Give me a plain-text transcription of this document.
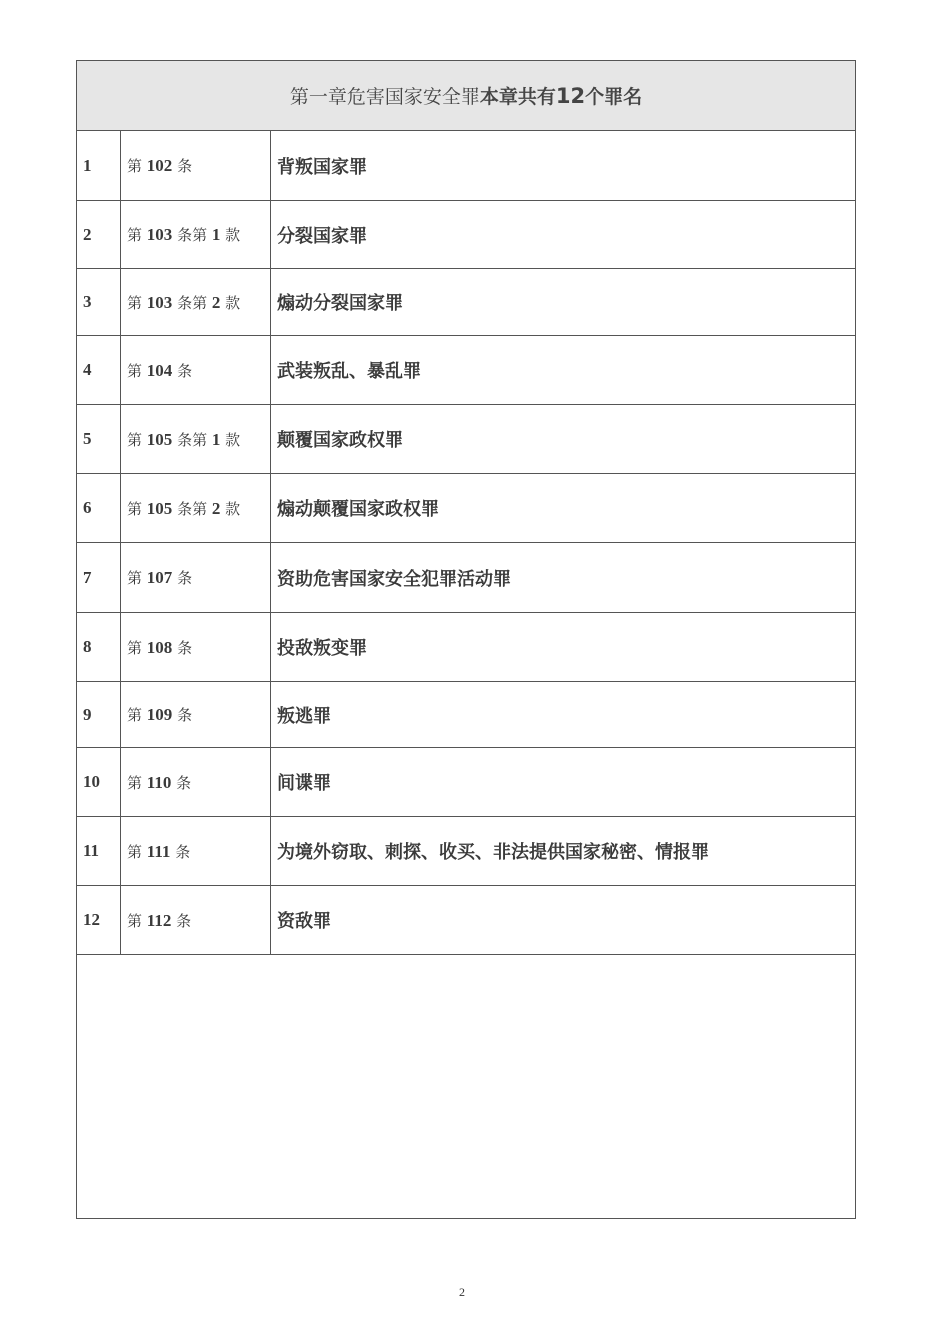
第一章危害国家安全罪本章共有12个罪名		
1	第 102 条	背叛国家罪
2	第 103 条第 1 款	分裂国家罪
3	第 103 条第 2 款	煽动分裂国家罪
4	第 104 条	武装叛乱、暴乱罪
5	第 105 条第 1 款	颠覆国家政权罪
6	第 105 条第 2 款	煽动颠覆国家政权罪
7	第 107 条	资助危害国家安全犯罪活动罪
8	第 108 条	投敌叛变罪
9	第 109 条	叛逃罪
10	第 110 条	间谍罪
11	第 111 条	为境外窃取、刺探、收买、非法提供国家秘密、情报罪
12	第 112 条	资敌罪
2
